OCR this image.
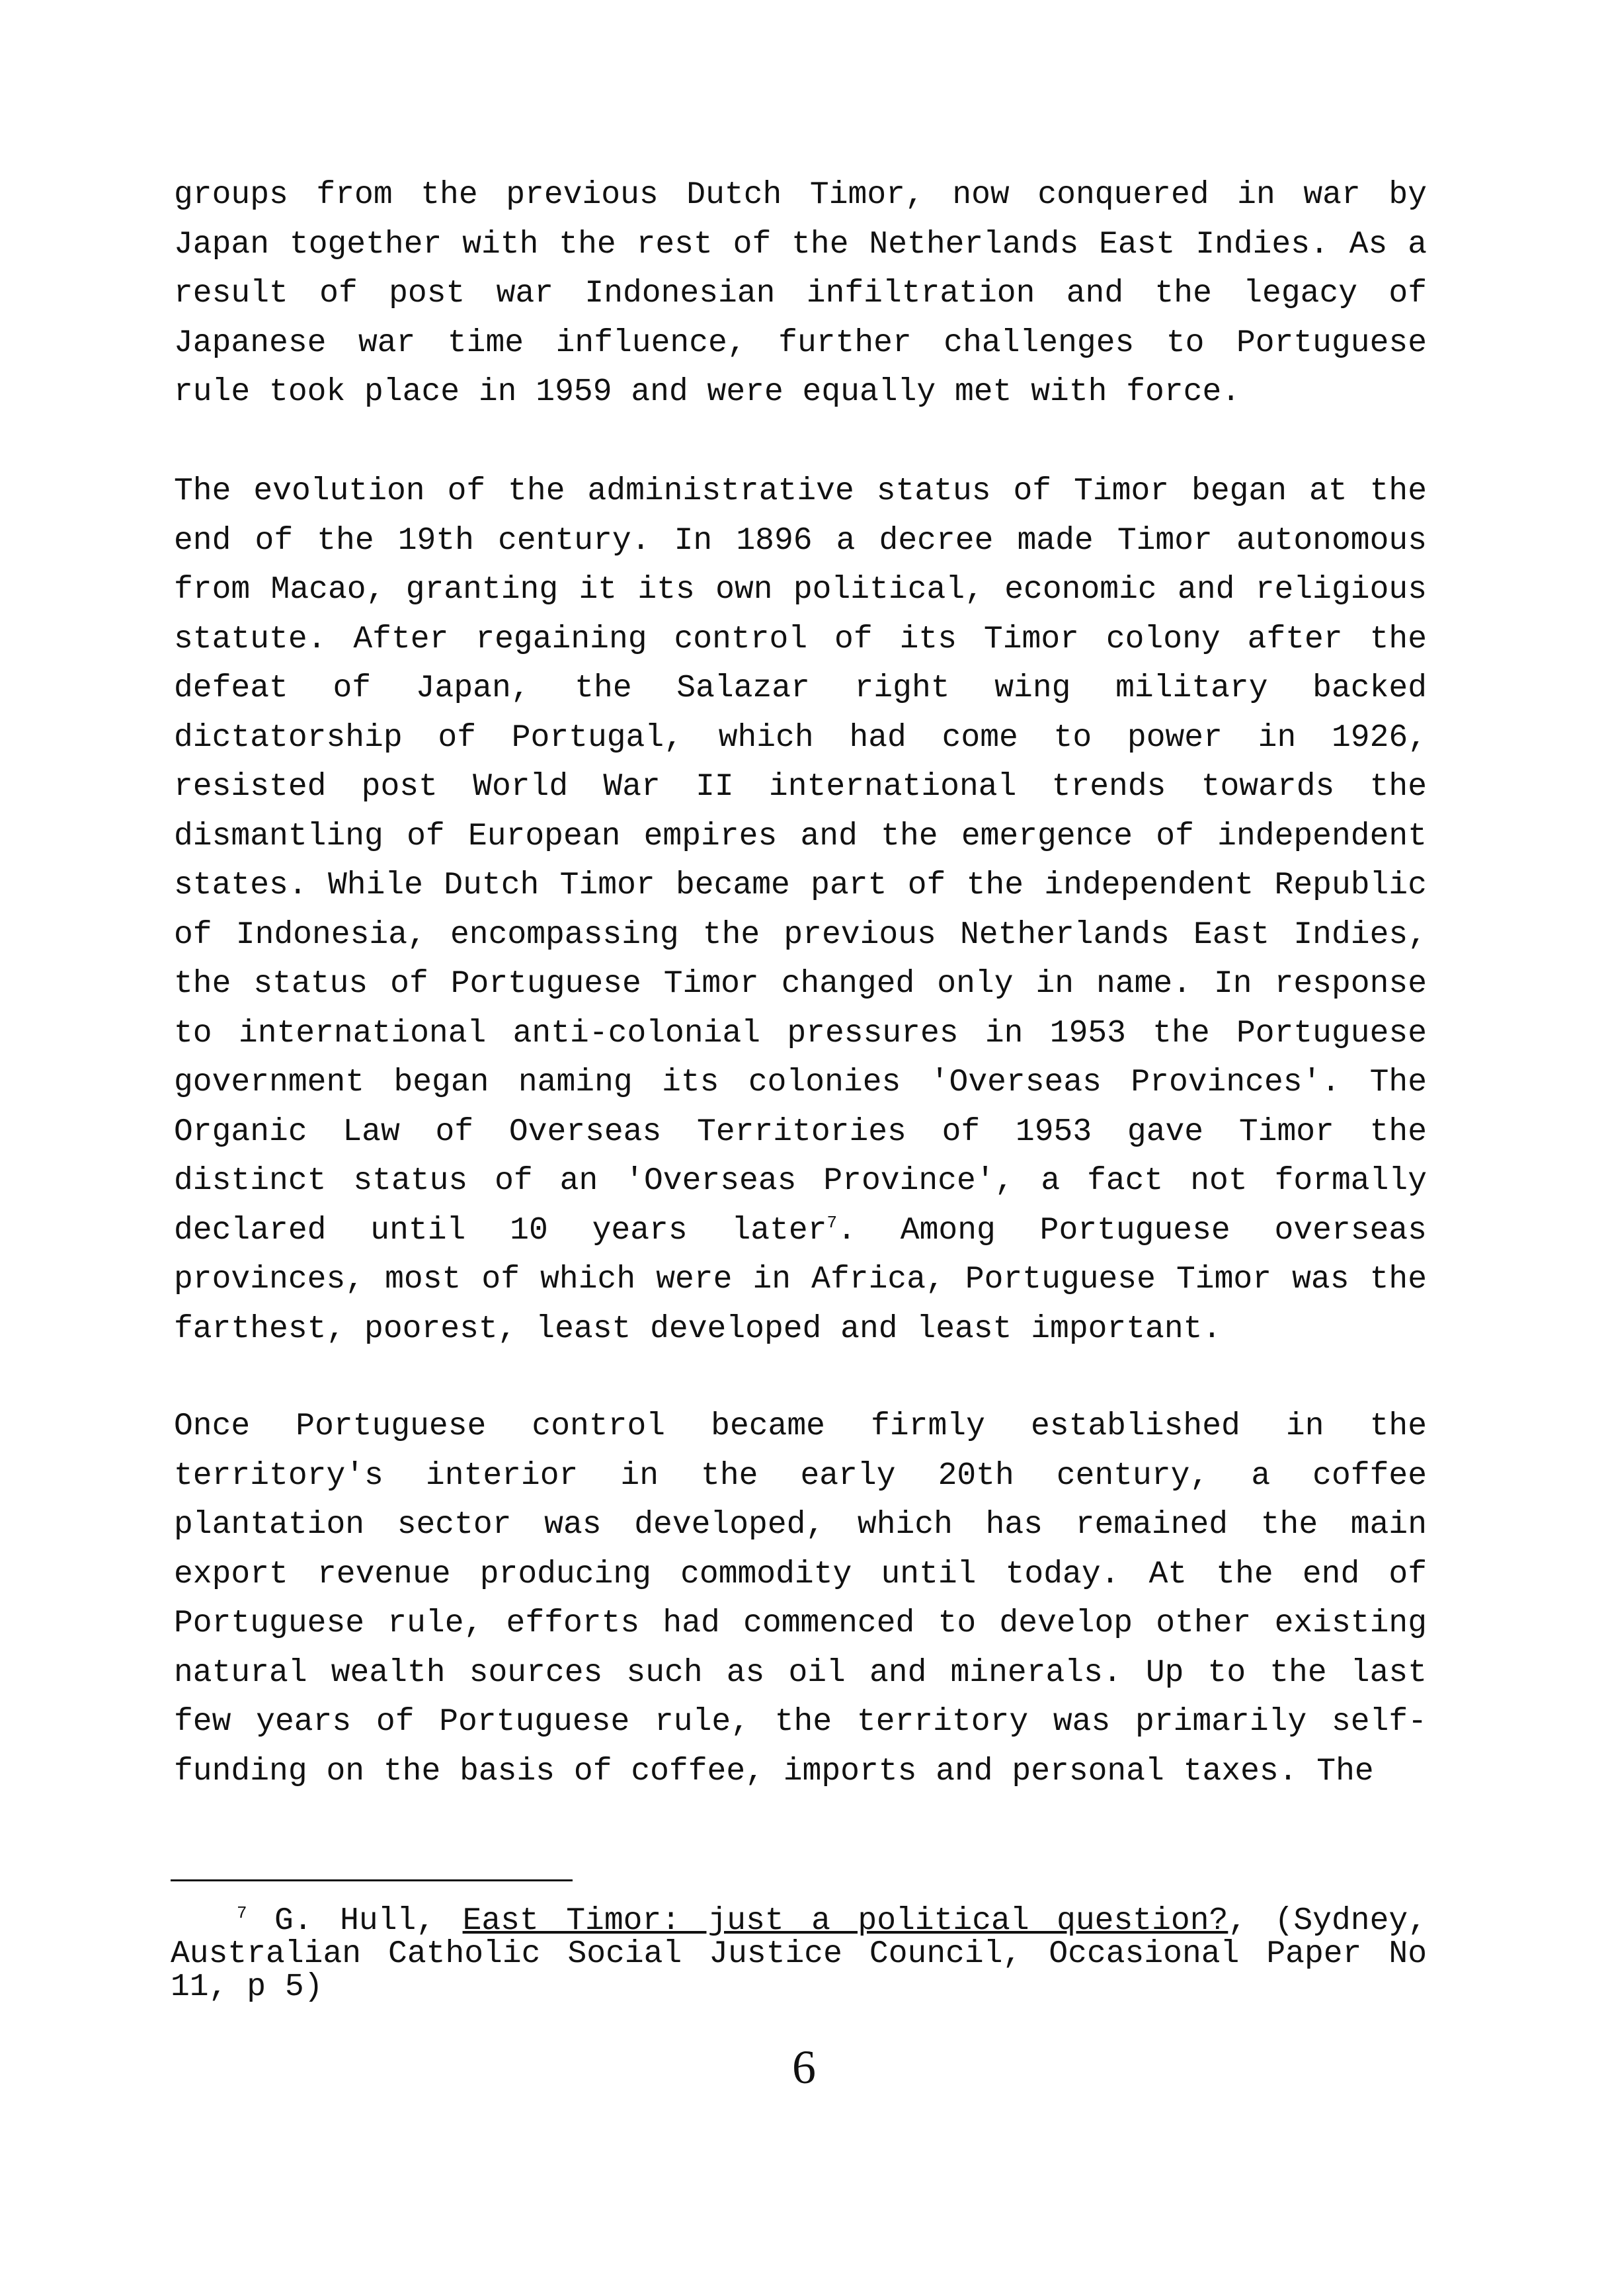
groups from the previous Dutch Timor, now conquered in war by Japan together with the rest of the Netherlands East Indies. As a result of post war Indonesian infiltration and the legacy of Japanese war time influence, further challenges to Portuguese rule took place in 1959 and were equally met with force.

The evolution of the administrative status of Timor began at the end of the 19th century. In 1896 a decree made Timor autonomous from Macao, granting it its own political, economic and religious statute. After regaining control of its Timor colony after the defeat of Japan, the Salazar right wing military backed dictatorship of Portugal, which had come to power in 1926, resisted post World War II international trends towards the dismantling of European empires and the emergence of independent states. While Dutch Timor became part of the independent Republic of Indonesia, encompassing the previous Netherlands East Indies, the status of Portuguese Timor changed only in name. In response to international anti-colonial pressures in 1953 the Portuguese government began naming its colonies 'Overseas Provinces'. The Organic Law of Overseas Territories of 1953 gave Timor the distinct status of an 'Overseas Province', a fact not formally declared until 10 years later$^7$. Among Portuguese overseas provinces, most of which were in Africa, Portuguese Timor was the farthest, poorest, least developed and least important.

Once Portuguese control became firmly established in the territory's interior in the early 20th century, a coffee plantation sector was developed, which has remained the main export revenue producing commodity until today. At the end of Portuguese rule, efforts had commenced to develop other existing natural wealth sources such as oil and minerals. Up to the last few years of Portuguese rule, the territory was primarily self-funding on the basis of coffee, imports and personal taxes. The

$^7$ G. Hull, East Timor: just a political question?, (Sydney, Australian Catholic Social Justice Council, Occasional Paper No 11, p 5)

6
